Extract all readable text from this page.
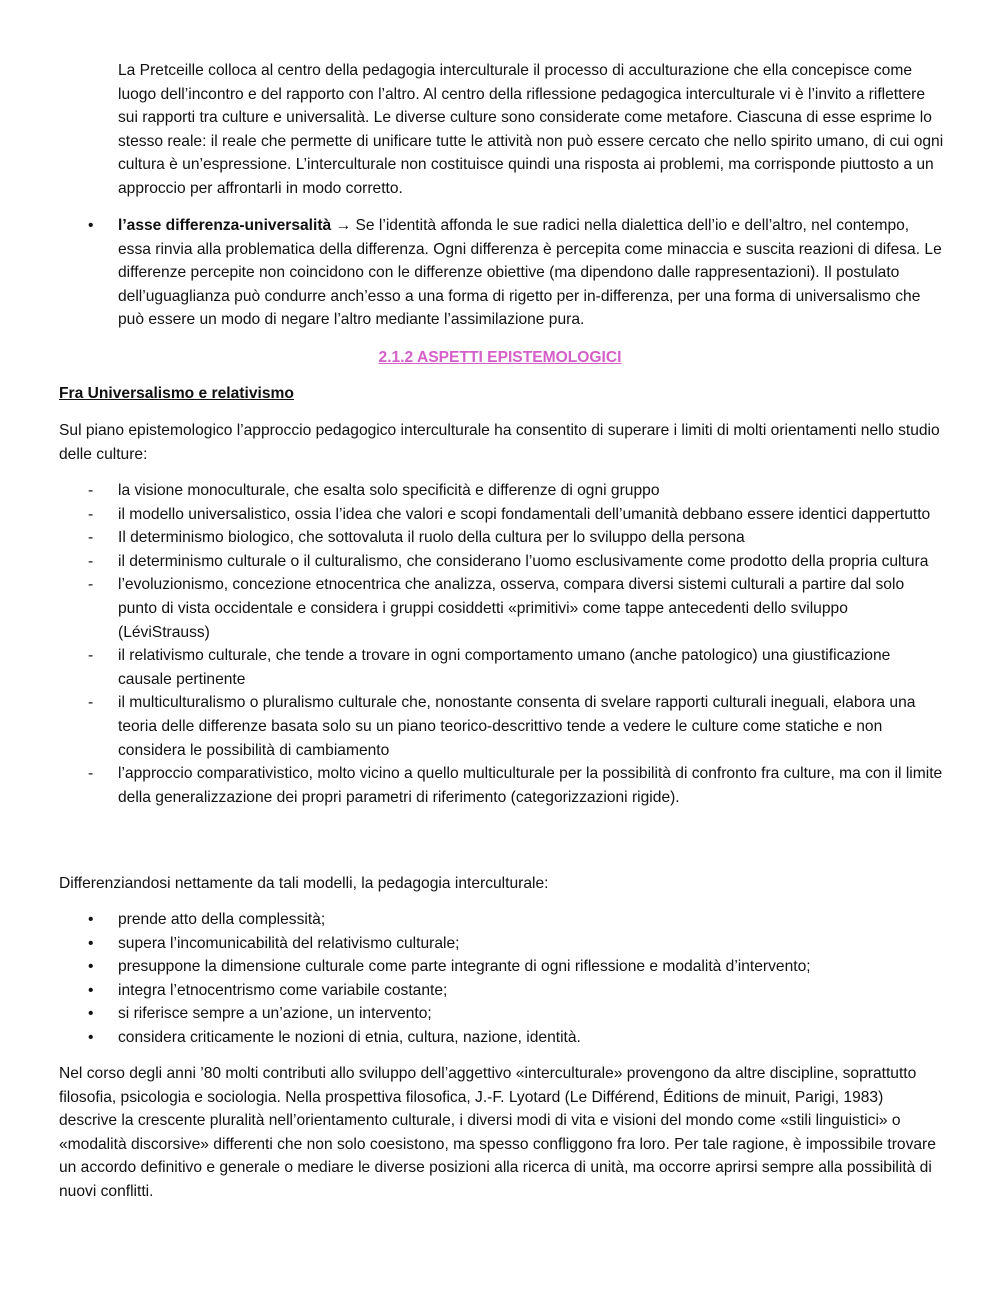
La Pretceille colloca al centro della pedagogia interculturale il processo di acculturazione che ella concepisce come luogo dell’incontro e del rapporto con l’altro. Al centro della riflessione pedagogica interculturale vi è l’invito a riflettere sui rapporti tra culture e universalità. Le diverse culture sono considerate come metafore. Ciascuna di esse esprime lo stesso reale: il reale che permette di unificare tutte le attività non può essere cercato che nello spirito umano, di cui ogni cultura è un’espressione. L’interculturale non costituisce quindi una risposta ai problemi, ma corrisponde piuttosto a un approccio per affrontarli in modo corretto.

•	l’asse differenza-universalità → Se l’identità affonda le sue radici nella dialettica dell’io e dell’altro, nel contempo, essa rinvia alla problematica della differenza. Ogni differenza è percepita come minaccia e suscita reazioni di difesa. Le differenze percepite non coincidono con le differenze obiettive (ma dipendono dalle rappresentazioni). Il postulato dell’uguaglianza può condurre anch’esso a una forma di rigetto per in-differenza, per una forma di universalismo che può essere un modo di negare l’altro mediante l’assimilazione pura.
2.1.2 ASPETTI EPISTEMOLOGICI
Fra Universalismo e relativismo

Sul piano epistemologico l’approccio pedagogico interculturale ha consentito di superare i limiti di molti orientamenti nello studio delle culture:

- la visione monoculturale, che esalta solo specificità e differenze di ogni gruppo
- il modello universalistico, ossia l’idea che valori e scopi fondamentali dell’umanità debbano essere identici dappertutto
- Il determinismo biologico, che sottovaluta il ruolo della cultura per lo sviluppo della persona
- il determinismo culturale o il culturalismo, che considerano l’uomo esclusivamente come prodotto della propria cultura
- l’evoluzionismo, concezione etnocentrica che analizza, osserva, compara diversi sistemi culturali a partire dal solo punto di vista occidentale e considera i gruppi cosiddetti «primitivi» come tappe antecedenti dello sviluppo (LéviStrauss)
- il relativismo culturale, che tende a trovare in ogni comportamento umano (anche patologico) una giustificazione causale pertinente
- il multiculturalismo o pluralismo culturale che, nonostante consenta di svelare rapporti culturali ineguali, elabora una teoria delle differenze basata solo su un piano teorico-descrittivo tende a vedere le culture come statiche e non considera le possibilità di cambiamento
- l’approccio comparativistico, molto vicino a quello multiculturale per la possibilità di confronto fra culture, ma con il limite della generalizzazione dei propri parametri di riferimento (categorizzazioni rigide).

Differenziandosi nettamente da tali modelli, la pedagogia interculturale:

• prende atto della complessità;
• supera l’incomunicabilità del relativismo culturale;
• presuppone la dimensione culturale come parte integrante di ogni riflessione e modalità d’intervento;
• integra l’etnocentrismo come variabile costante;
• si riferisce sempre a un’azione, un intervento;
• considera criticamente le nozioni di etnia, cultura, nazione, identità.

Nel corso degli anni ’80 molti contributi allo sviluppo dell’aggettivo «interculturale» provengono da altre discipline, soprattutto filosofia, psicologia e sociologia. Nella prospettiva filosofica, J.-F. Lyotard (Le Différend, Éditions de minuit, Parigi, 1983) descrive la crescente pluralità nell’orientamento culturale, i diversi modi di vita e visioni del mondo come «stili linguistici» o «modalità discorsive» differenti che non solo coesistono, ma spesso confliggono fra loro. Per tale ragione, è impossibile trovare un accordo definitivo e generale o mediare le diverse posizioni alla ricerca di unità, ma occorre aprirsi sempre alla possibilità di nuovi conflitti.
